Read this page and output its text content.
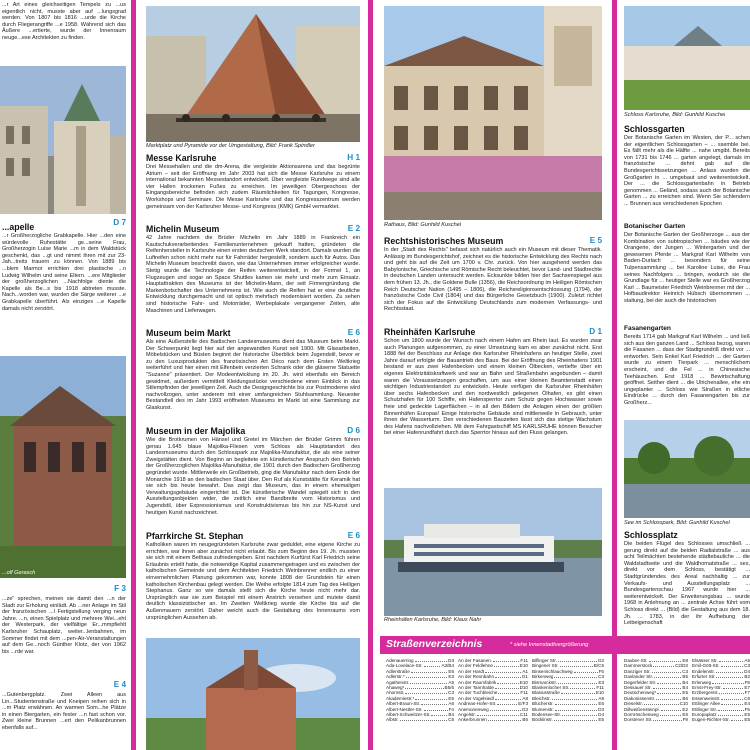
...r Art eines gleichseitigen Tempels zu ...us eigentlich nicht, musste aber auf ...lungsgrad werden. Von 1807 bis 1816 ...urde die Kirche durch Fliegerangriffe ...e 1958. Während sich das Äußere ...ertierte, wurde der Innenraum neuge...ese Architekten zu finden.
D 7
...apelle
...r Großherzogliche Grabkapelle. Hier ...den eine würdevolle Ruhestätte ge...seine Frau, Großherzogin Luise Marie ...m in dem Waldstück geschenkt, das ...gt und nimmt ihren mit zur 23-Jah...treits trauern zu können. Von 1889 bis ...blem Marmor errichten drei plastische ...n Ludwig Wilhelm und seine Eltern. ...ere Mitglieder der großherzoglichen ...Nachfolge diente die Kapelle als Be...s bis 1918 abtreten musste. Nach...worden war, wurden die Särge weiterer ...e Grabkapelle überführt. Als einziges ...e Kapelle damals nicht zerstört.
...olf Gerasch
F 3
...ze" sprechen, meinen sie damit den ...n der Stadt zur Erholung einlädt. Ab ...ner Anlage im Stil der französischen ...l Fertigstellung verging neun Jahre. ...n, einen Spielplatz und mehrere Wei...eht der Westerpark, der vielfältige Er...mmpfiehlt Karlsruher Schauplatz, weiter...lenbahnen, im Sommer findet mit dem ...pen-Air-Veranstaltungen auf dem Ge...noch Günther Klotz, der von 1962 bis ...rde war.
E 4
...Gutenbergplatz. Zwei Alleen aus Lin...Studentenstraße und Kneipen reihen sich in ...m Platz erwähnen. An warmen Som...he Plätze in einen Biergarten, ein fester ...n fast schon vor. Zwei kleine Brunnen ...ert den Pelikanbrunnen ebenfalls auf...
Marktplatz und Pyramide vor der Umgestaltung, Bild: Frank Spindler
Messe Karlsruhe	H 1
Drei Messehallen und die dm-Arena, die vergleiste Aktionsarena und das begrünte Atrium – seit der Eröffnung im Jahr 2003 hat sich die Messe Karlsruhe zu einem international bekannten Messestandort entwickelt. Über vergleiste Rundwege sind alle vier Hallen trockenen Fußes zu erreichen. Im jeweiligen Obergeschoss der Eingangsbereiche befinden sich zudem Räumlichkeiten für Tagungen, Kongresse, Workshops und Seminare. Die Messe Karlsruhe und das Kongresszentrum werden gemeinsam von der Karlsruher Messe- und Kongress (KMK) GmbH vermarktet.
Michelin Museum	E 2
42 Jahre nachdem die Brüder Michelin im Jahr 1889 in Frankreich ein Kautschukverarbeitendes Familienunternehmen gekauft hatten, gründeten die Reifenhersteller in Karlsruhe einen ersten deutschen Werk standort. Damals wurden die Luftreifen schon nicht mehr nur für Fahrräder hergestellt, sondern auch für Autos. Das Michelin Museum beschreibt davon, wie das Unternehmen immer erfolgreicher wurde. Stetig wurde die Technologie der Reifen weiterentwickelt, in der Formel 1, an Flugzeugen und sogar an Space Shuttles kamen sie mehr und mehr zum Einsatz. Hauptattraktion des Museums ist der Michelin-Mann, der seit Firmengründung die Markenbotschafter des Unternehmens ist. Wie auch die Reifen hat er eine deutliche Entwicklung durchgemacht und ist optisch mehrfach modernisiert worden. Zu sehen sind historische Fahr- und Motorräder, Werbeplakate vergangener Zeiten, alte Maschinen und Lieferwagen.
Museum beim Markt	E 6
Als eine Außenstelle des Badischen Landesmuseums dient das Museum beim Markt. Der Schwerpunkt liegt hier auf der angewandten Kunst seit 1900. Mit Glasarbeiten, Möbelstücken und Büsten beginnt der historische Überblick beim Jugendstil, bevor er zu den Luxusprodukten des französischen Art Déco nach dem Ersten Weltkrieg weiterführt und hier einen mit Elfenbein verzierten Schrank oder die gläserne Statuette "Suzanne" präsentiert. Der Modeentwicklung im 20. Jh. wird ebenfalls ein Bereich gewidmet, außerdem vermittelt Kleidungsstücke verschiedene einen Einblick in das Stilempfinden der jeweiligen Zeit. Auch die Designgeschichte bis zur Postmoderne wird nachvollzogen, unter anderem mit einer umfangreichen Stuhlsammlung. Neuester Bestandteil des im Jahr 1993 eröffneten Museums im Markt ist eine Sammlung zur Glaskunst.
Museum in der Majolika	D 6
Wie die Brotkrumen von Hänsel und Gretel im Märchen der Brüder Grimm führen genau 1.645 blaue Majolika-Fliesen vom Schloss als Hauptstandort des Landesmuseums durch den Schlosspark zur Majolika-Manufaktur, die als eine seiner Zweigstätten dient. Von Beginn an begleitete ein künstlerischer Anspruch den Betrieb der Großherzoglichen Majolika-Manufaktur, die 1901 durch den Badischen Großherzog gegründet wurde. Mittlerweile ein Großbetrieb, ging die Manufaktur nach dem Ende der Monarchie 1918 an den badischen Staat über. Den Ruf als Kunststätte für Keramik hat sie sich bis heute bewahrt. Das zeigt das Museum, das in einem ehemaligen Verwaltungsgebäude eingerichtet ist. Die künstlerische Wandel spiegelt sich in den Ausstellungsobjekten wider, die zeitlich eine Bandbreite vom Historismus und Jugendstil, über Expressionismus und Konstruktivismus bis hin zur NS-Kunst und heutigen Kunst nachzeichnet.
Pfarrkirche St. Stephan	E 6
Katholiken waren im neugegründeten Karlsruhe zwar geduldet, eine eigene Kirche zu errichten, war ihnen aber zunächst nicht erlaubt. Bis zum Beginn des 19. Jh. mussten sie sich mit einem Bethaus zufriedengeben. Erst nachdem Kurfürst Karl Friedrich seine Erlaubnis erteilt hatte, die notwendige Kapital zusammengetragen und es zwischen der katholischen Gemeinde und dem Architekten Friedrich Weinbrenner endlich zu einer einvernehmlichen Planung gekommen war, konnte 1808 der Grundstein für einen katholischen Kirchenbau gelegt werden. Die Weihe erfolgte 1814 zum Tag des Heiligen Stephanus. Ganz so wie damals stellt sich die Kirche heute nicht mehr dar. Ursprünglich war sie zum Beispiel mit einem Anstrich versehen und mutete damit deutlich klassizistischer an. Im Zweiten Weltkrieg wurde die Kirche bis auf die Außenmauern zerstört. Daher weicht auch die Gestaltung des Innenraums vom ursprünglichen Aussehen ab.
Rathaus, Bild: Gunhild Kuschel
Rechtshistorisches Museum	E 5
In der „Stadt des Rechts" befasst sich natürlich auch ein Museum mit dieser Thematik. Anlässig im Bundesgerichtshof, zeichnet es die historische Entwicklung des Rechts nach und geht bis auf die Zeit um 1700 v. Chr. zurück. Von hier ausgehend werden das Babylonische, Griechische und Römische Recht beleuchtet, bevor Land- und Stadtrechte in deutschen Landen untersucht werden. Ecksunkte bilden hier der Sachsenspiegel aus dem frühen 13. Jh., die Goldene Bulle (1356), die Reichsordnung im Heiligen Römischen Reich Deutscher Nation (1495 – 1806), die Reichsreligionsentschlossung (1794), der französische Code Civil (1804) und das Bürgerliche Gesetzbuch (1900). Zuletzt richtet sich der Fokus auf die Entwicklung Deutschlands zum modernen Verfassungs- und Rechtsstaat.
Rheinhäfen Karlsruhe	D 1
Schon um 1800 wurde der Wunsch nach einem Hafen am Rhein laut. Es wurden zwar auch Planungen aufgenommen, zu einer Umsetzung kam es aber zunächst nicht. Erst 1888 fiel der Beschluss zur Anlage des Karlsruher Rheinhafens an heutiger Stelle, zwei Jahre darauf erfolgte der Bauantrieb des Baus. Bei der Eröffnung des Rheinhafens 1901 bestand er aus zwei Hafenbecken und einem kleinen Ölbecken, vertiefte über ein eigenes Elektrizitätskraftwerk und war an Bahn und Straßenbahn angebunden – damit waren die Voraussetzungen geschaffen, um aus einer kleinen Beamtenstadt einen wichtigen Industriestandort zu entwickeln. Heute verfügen die Karlsruher Rheinhäfen über sechs Hafenbecken und den nordwestlich gelegenen Ölhafen, es gibt einen Schutzhafen für 100 Schiffe, ein Hafensperrtor zum Schutz gegen Hochwasser sowie freie und gedeckte Lagerflächen – in all den Bildern die Anlagen einen der größten Binnenhäfen Europas! Einige historische Gebäude sind mittlerweile in Gebrauch, unter ihnen der Wasserturm. Den verschiedenen Bauzeiten lässt sich das stetige Wachstum des Hafens nachvollziehen. Mit dem Fahrgastschiff MS KARLSRUHE können Besucher bei einer Hafenrundfahrt durch das Sperrtor hinaus auf den Fluss gelangen.
Rheinhäfen Karlsruhe, Bild: Klaus Nahr
Schloss Karlsruhe, Bild: Gunhild Kuschel
Schlossgarten
Der Botanische Garten im Westen, der P... schen der eigentlichen Schlossgarten – ... ssemble bei. Es fällt mehr als die Hälfte ... nahe umgibt. Bereits von 1731 bis 1746 ... garten angelegt, damals im französische ... dehnt gab auf die Bundesgerichtssetzungen ... Anlass wurden die Großgarten in ... umgebaut und weiterentwickelt. Der ... die Schlossgartenbahn in Betrieb genommen ... Geländ, sodass auch der Botanische Garten ... zu erreichen sind. Wenn Sie schlendern ... Brunnen aus verschiedenen Epochen
Botanischer Garten
Der Botanische Garten der Großherzoge ... aus der Kombination von subtropischen ... bäudes wie der Orangerie, der Jungen ... Wintergarten und der gewesenen Pferde ... Markgraf Karl Wilhelm von Baden-Durlach ... besonders für seine Tulpensammlung ... bei Karoline Luise, die Frau seines Nachfolgers ... bringen, wodurch sie die Grundlage für ... heutiger Stelle war es Großherzog Karl ... Baumeister Friedrich Weinbrenner mit der ... Hofbaudirektor Heinrich Hübsch übernommen ... staltung, bei der auch die historischen
Fasanengarten
Bereits 1714 gab Markgraf Karl Wilhelm ... und ließ sich aus den ganzen Land ... Schloss bezog, waren die Fasanen ... dass der Stadtgrundriß direkt vor ... entworfen. Sein Enkel Karl Friedrich ... der Garten wurde zu einem Tierpark ... menschlichem erscheint, und die Fel ... in Chinesische Teehäuschen. Erst 1918 ... Bewirtschaftung geöffnet. Seither dient ... die Ulrichenallee, ehe ein ungeplanter ... Schloss wie Straßen in etliche Eindrücke ... durch den Fasanengarten bis zur Großherz...
See im Schlosspark, Bild: Gunhild Kuschel
Schlossplatz
Die beiden Flügel des Schlosses umschließ ... gerung direkt auf die beiden Radialstraße ... aus acht Teilmächten bestehende städtebauliche ... die Waldstadtseite und die Waldhomatstraße ... ses, direkt vor dem Schloss, bestätigt ... Stadtgründendes des Areal nachhaltig ... zur Verkaufs- und Ausstellungsplatz ... Bundesgartenschau 1967 wurde hier ... weiterentwickelt. Der Erweiterungsbau ... wurde 1968 in Anlehnung an ... zentrale Achse führt vom Schloss direkt ... (Bild) die Gestaltung aus dem 18. Jh. ... 1783, in der ihr Aufhebung der Leibeigenschaft
Straßenverzeichnis	* siehe Innenstadtvergrößerung
Adenauerring	D3
Ada-Lovelace-Str.	A3/B4
Adlerstraße	E6
Adlerstr.*	E3
Agathenstr.	A5
Ahaweg*	B5/6
Ahornstr.	C3
Akademiestr.*	E5
Albert-Braun-Str.	A6
Albert-Nestler-Str.	F4
Albert-Schweitzer-Str.	B4
Albstr.	C5
An der Fasanen.	F11
An der Feldlehne	E10
An der Hardt	A1
An der Rennbahn	G1
An der Raumfabrik	E10
An der Tannhalde	D10
An der Tuchbleiche	F11
An der Vogelsiedl	A8
Andreas-Hofer-Str.	E/F3
Anemonenweg	G3
Angelstr.	C11
Ankerbrunnen	B6
Biflinger Str.	G3
Bingener Str.	B/C5
Binsenschlauchweg	F5
Birkenweg	C3
Bismarckstr.	E3
Blankenlocher Str.	F11
Blasiusstraße	E10
Bleichstr.	A8
Blücherstr.	E6
Blumenstr.	D3
Bodensee-Str.	D4
Böcklinstr.	E5
Dauber-Str.	E8
Dammerstock	C2/D3
Danziger Str.	C3
Daxlander Str.	B5
Degerfelder Str.	B4
Dessauer Str.	B4
Deutschenweg*	E5
Diakonissenstr.	B6
Dieselstr.	C10
Dillweißensteinpl.	E2
Dornröschenweg	E6
Dorstener Str.	F9
Elsässer Str.	A5
Emil-Gött-Str.	C3
Endelenstr.	D4
Erfurter Str.	B2
Erlenweg	F8
Ernst-Frey-Str.	E7
Erzbergerstr.	F7
Essenweinstr.	C6
Ettlinger Allee	E4
Ettlinger Str.	F5
Europaplatz	E5
Eugen-Richter-Str.	E5
